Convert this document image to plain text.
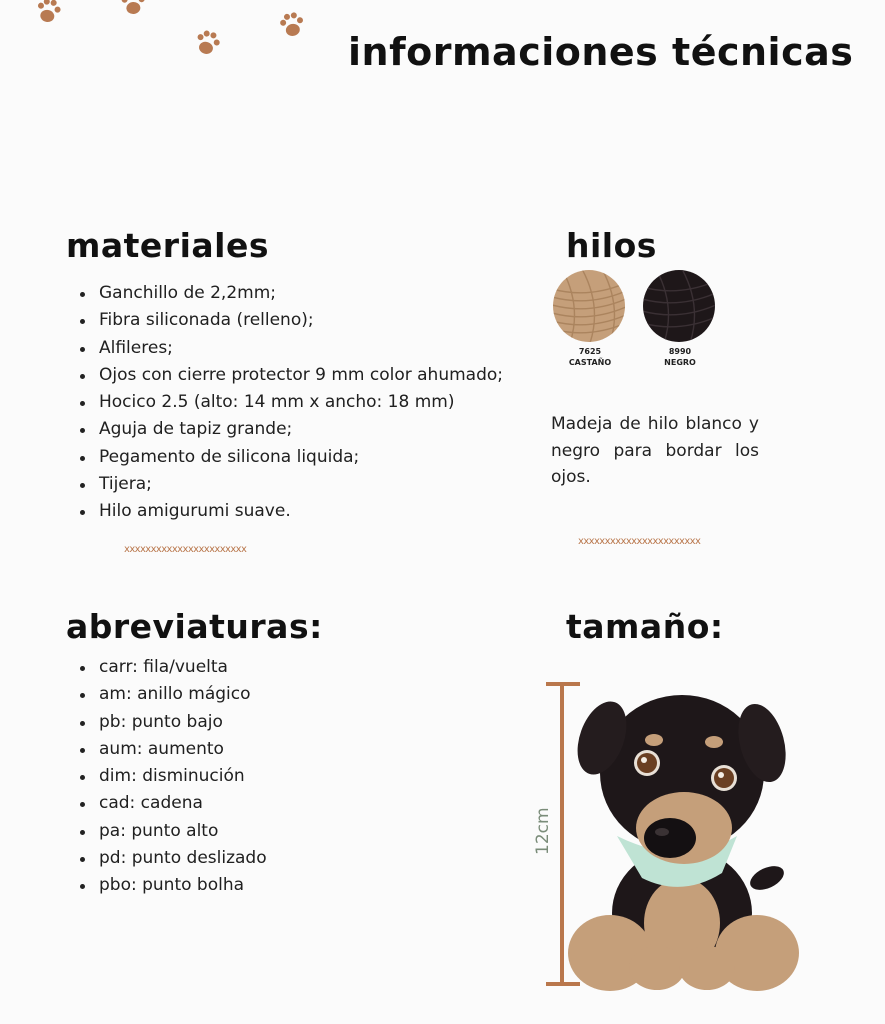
informaciones técnicas
materiales
Ganchillo de 2,2mm;
Fibra siliconada (relleno);
Alfileres;
Ojos con cierre protector 9 mm color ahumado;
Hocico 2.5 (alto: 14 mm x ancho: 18 mm)
Aguja de tapiz grande;
Pegamento de silicona liquida;
Tijera;
Hilo amigurumi suave.
xxxxxxxxxxxxxxxxxxxxxxx
hilos
7625
CASTAÑO
8990
NEGRO
Madeja de hilo blanco y negro para bordar los ojos.
xxxxxxxxxxxxxxxxxxxxxxx
abreviaturas:
carr: fila/vuelta
am: anillo mágico
pb: punto bajo
aum: aumento
dim: disminución
cad: cadena
pa: punto alto
pd: punto deslizado
pbo: punto bolha
tamaño:
12cm
